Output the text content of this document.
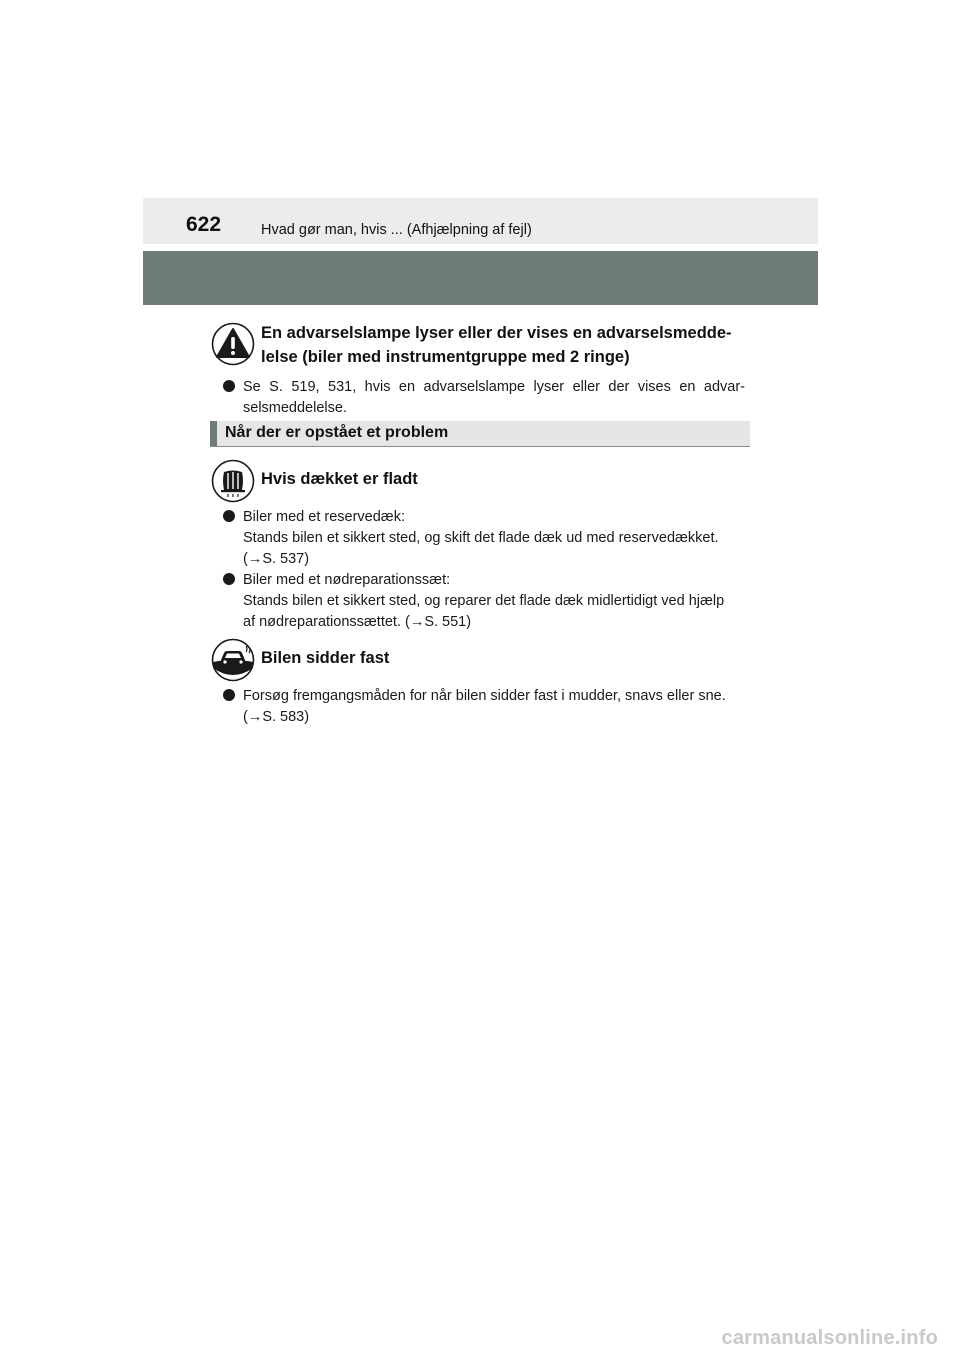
622	Hvad gør man, hvis ... (Afhjælpning af fejl)
En advarselslampe lyser eller der vises en advarselsmedde-
lelse (biler med instrumentgruppe med 2 ringe)
Se S. 519, 531, hvis en advarselslampe lyser eller der vises en advar-
selsmeddelelse.
Når der er opstået et problem
Hvis dækket er fladt
Biler med et reservedæk:
Stands bilen et sikkert sted, og skift det flade dæk ud med reservedækket.
(→S. 537)
Biler med et nødreparationssæt:
Stands bilen et sikkert sted, og reparer det flade dæk midlertidigt ved hjælp
af nødreparationssættet. (→S. 551)
Bilen sidder fast
Forsøg fremgangsmåden for når bilen sidder fast i mudder, snavs eller sne.
(→S. 583)
carmanualsonline.info
